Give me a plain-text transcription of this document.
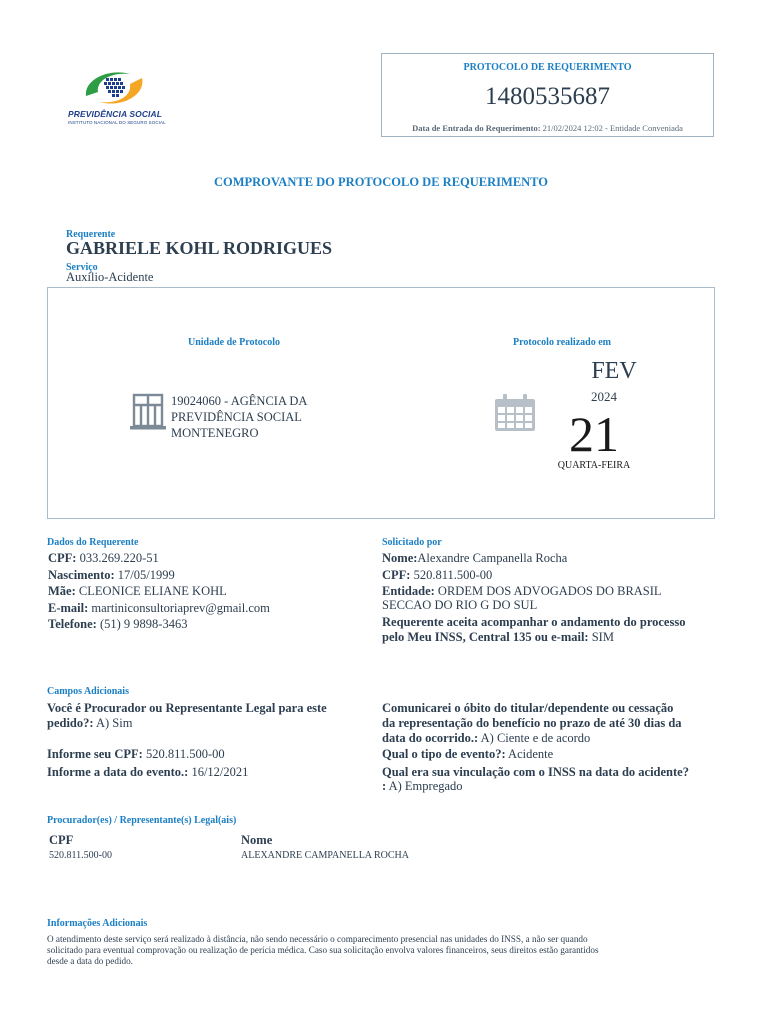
PREVIDÊNCIA SOCIAL
INSTITUTO NACIONAL DO SEGURO SOCIAL
PROTOCOLO DE REQUERIMENTO
1480535687
Data de Entrada do Requerimento: 21/02/2024 12:02 - Entidade Conveniada
COMPROVANTE DO PROTOCOLO DE REQUERIMENTO
Requerente
GABRIELE KOHL RODRIGUES
Serviço
Auxílio-Acidente
Unidade de Protocolo	Protocolo realizado em
19024060 - AGÊNCIA DA
PREVIDÊNCIA SOCIAL
MONTENEGRO
FEV
2024
21
QUARTA-FEIRA
Dados do Requerente
CPF: 033.269.220-51
Nascimento: 17/05/1999
Mãe: CLEONICE ELIANE KOHL
E-mail: martiniconsultoriaprev@gmail.com
Telefone: (51) 9 9898-3463
Solicitado por
Nome:Alexandre Campanella Rocha
CPF: 520.811.500-00
Entidade: ORDEM DOS ADVOGADOS DO BRASIL
SECCAO DO RIO G DO SUL
Requerente aceita acompanhar o andamento do processo
pelo Meu INSS, Central 135 ou e-mail: SIM
Campos Adicionais
Você é Procurador ou Representante Legal para este
pedido?: A) Sim
Informe seu CPF: 520.811.500-00
Informe a data do evento.: 16/12/2021
Comunicarei o óbito do titular/dependente ou cessação
da representação do benefício no prazo de até 30 dias da
data do ocorrido.: A) Ciente e de acordo
Qual o tipo de evento?: Acidente
Qual era sua vinculação com o INSS na data do acidente?
: A) Empregado
Procurador(es) / Representante(s) Legal(ais)
CPF	Nome
520.811.500-00	ALEXANDRE CAMPANELLA ROCHA
Informações Adicionais
O atendimento deste serviço será realizado à distância, não sendo necessário o comparecimento presencial nas unidades do INSS, a não ser quando
solicitado para eventual comprovação ou realização de perícia médica. Caso sua solicitação envolva valores financeiros, seus direitos estão garantidos
desde a data do pedido.
